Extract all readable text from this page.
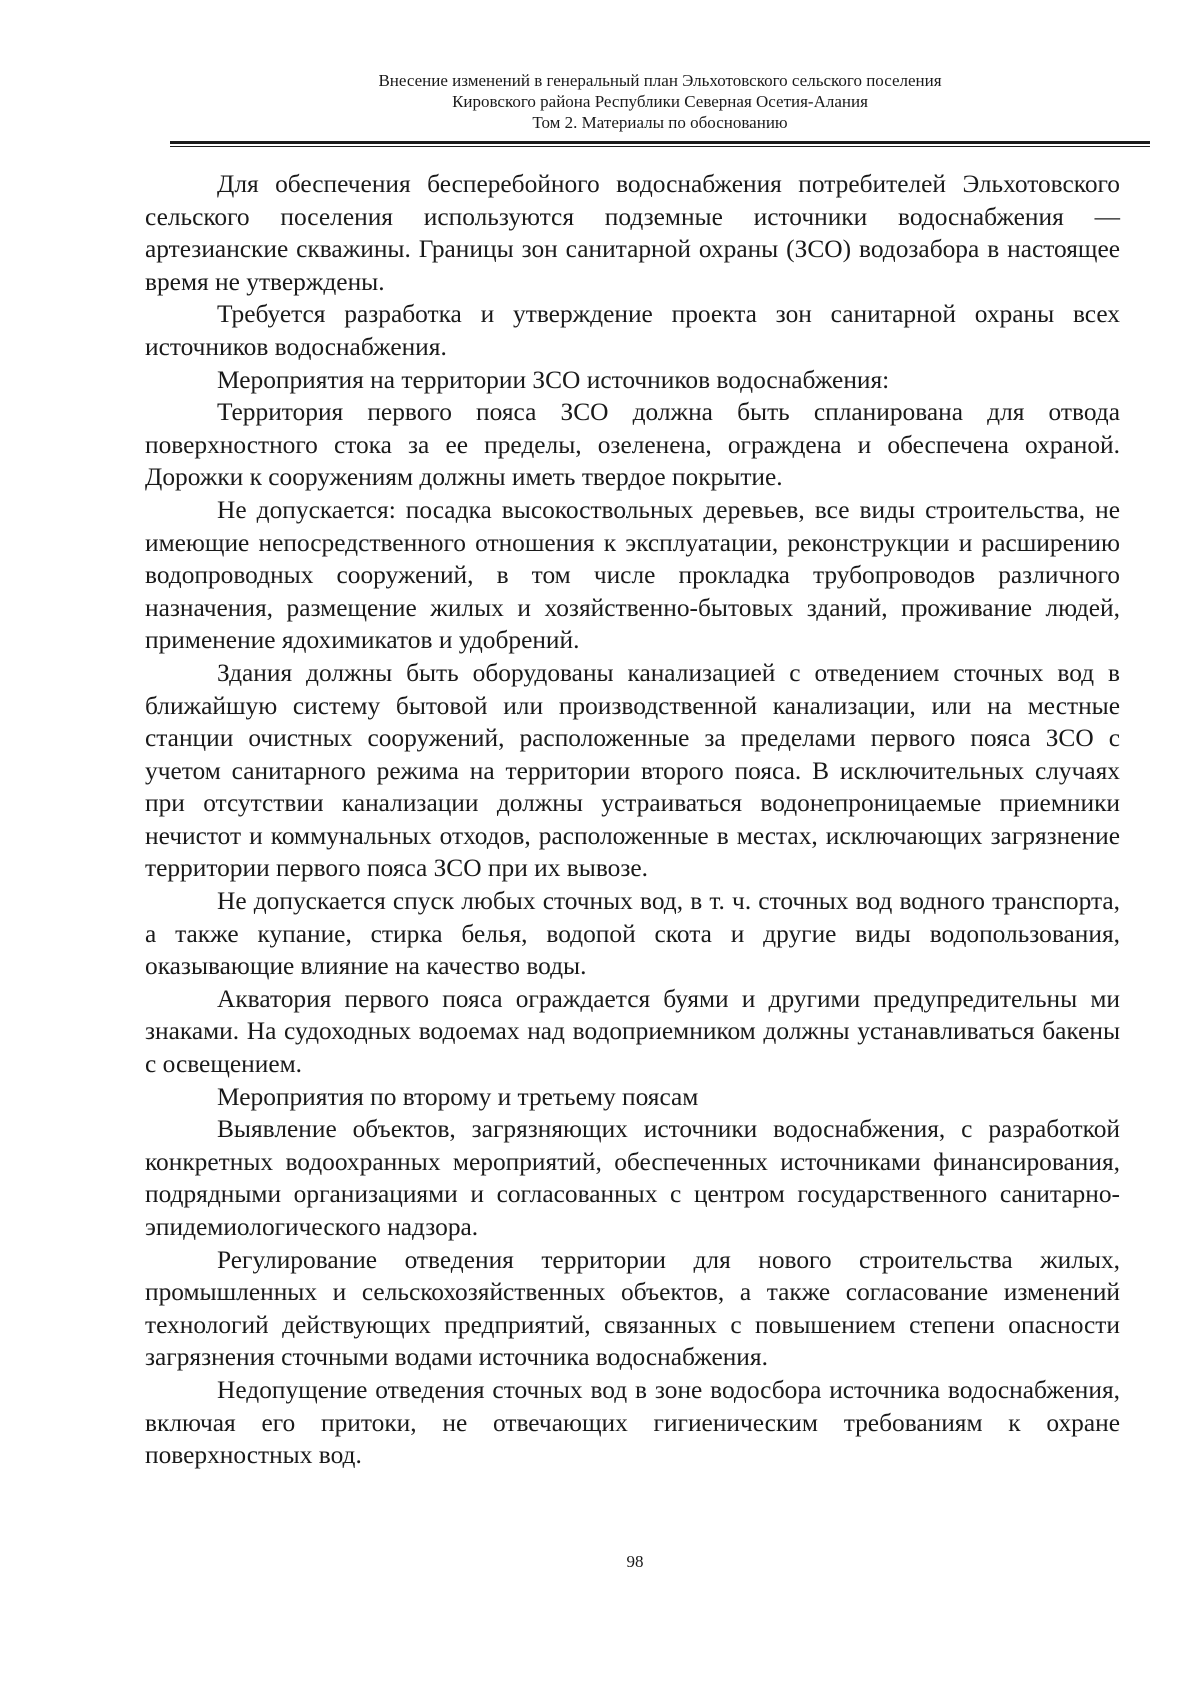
Внесение изменений в генеральный план Эльхотовского сельского поселения
Кировского района Республики Северная Осетия-Алания
Том 2. Материалы по обоснованию

Для обеспечения бесперебойного водоснабжения потребителей Эльхотовского сельского поселения используются подземные источники водоснабжения — артезианские скважины. Границы зон санитарной охраны (ЗСО) водозабора в настоящее время не утверждены.

Требуется разработка и утверждение проекта зон санитарной охраны всех источников водоснабжения.

Мероприятия на территории ЗСО источников водоснабжения:

Территория первого пояса ЗСО должна быть спланирована для отвода поверхностного стока за ее пределы, озеленена, ограждена и обеспечена охраной. Дорожки к сооружениям должны иметь твердое покрытие.

Не допускается: посадка высокоствольных деревьев, все виды строительства, не имеющие непосредственного отношения к эксплуатации, реконструкции и расширению водопроводных сооружений, в том числе прокладка трубопроводов различного назначения, размещение жилых и хозяйственно-бытовых зданий, проживание людей, применение ядохимикатов и удобрений.

Здания должны быть оборудованы канализацией с отведением сточных вод в ближайшую систему бытовой или производственной канализации, или на местные станции очистных сооружений, расположенные за пределами первого пояса ЗСО с учетом санитарного режима на территории второго пояса. В исключительных случаях при отсутствии канализации должны устраиваться водонепроницаемые приемники нечистот и коммунальных отходов, расположенные в местах, исключающих загрязнение территории первого пояса ЗСО при их вывозе.

Не допускается спуск любых сточных вод, в т. ч. сточных вод водного транспорта, а также купание, стирка белья, водопой скота и другие виды водопользования, оказывающие влияние на качество воды.

Акватория первого пояса ограждается буями и другими предупредительны ми знаками. На судоходных водоемах над водоприемником должны устанавливаться бакены с освещением.

Мероприятия по второму и третьему поясам

Выявление объектов, загрязняющих источники водоснабжения, с разработкой конкретных водоохранных мероприятий, обеспеченных источниками финансирования, подрядными организациями и согласованных с центром государственного санитарно-эпидемиологического надзора.

Регулирование отведения территории для нового строительства жилых, промышленных и сельскохозяйственных объектов, а также согласование изменений технологий действующих предприятий, связанных с повышением степени опасности загрязнения сточными водами источника водоснабжения.

Недопущение отведения сточных вод в зоне водосбора источника водоснабжения, включая его притоки, не отвечающих гигиеническим требованиям к охране поверхностных вод.

98
